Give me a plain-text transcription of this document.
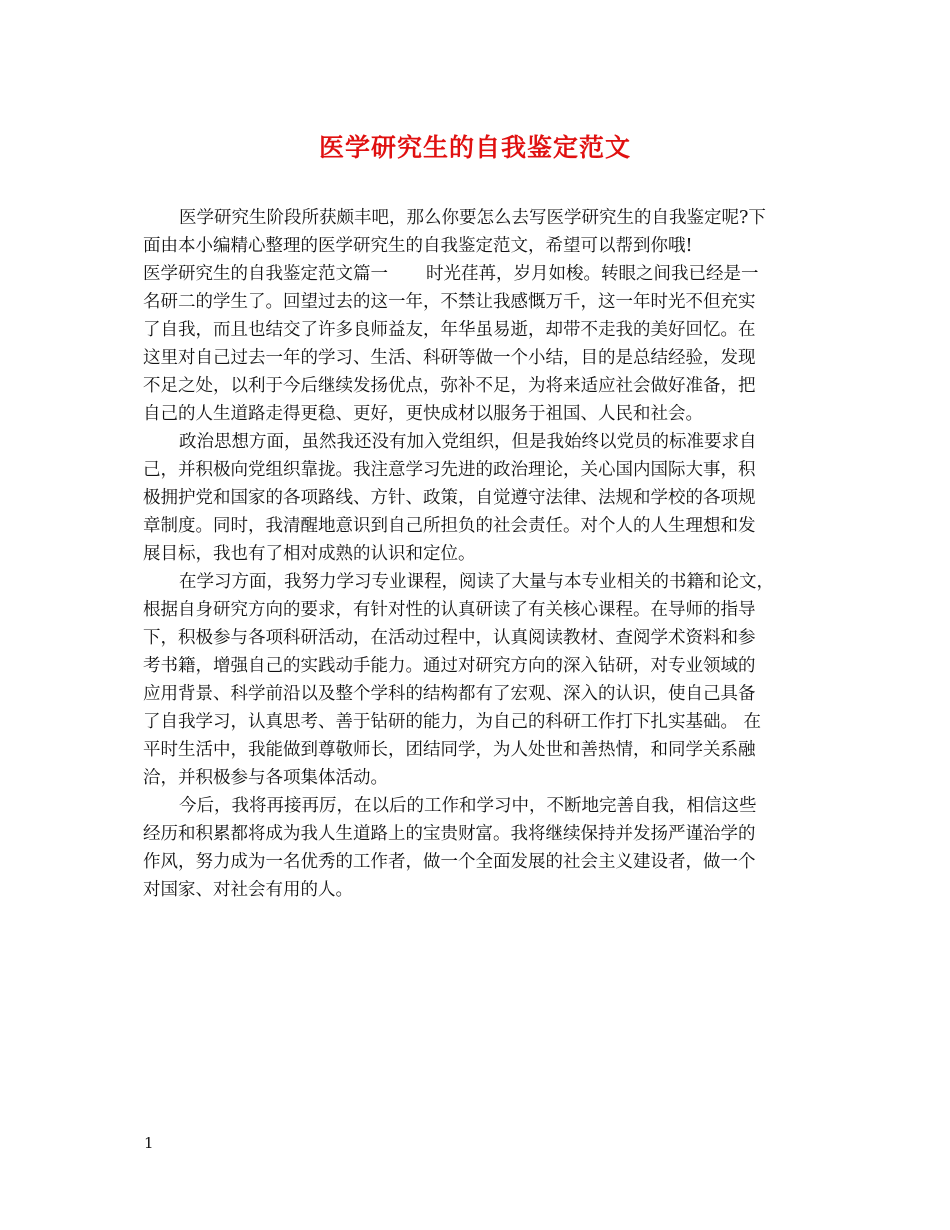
医学研究生的自我鉴定范文
医学研究生阶段所获颇丰吧，那么你要怎么去写医学研究生的自我鉴定呢?下
面由本小编精心整理的医学研究生的自我鉴定范文，希望可以帮到你哦!
医学研究生的自我鉴定范文篇一 时光荏苒，岁月如梭。转眼之间我已经是一
名研二的学生了。回望过去的这一年，不禁让我感慨万千，这一年时光不但充实
了自我，而且也结交了许多良师益友，年华虽易逝，却带不走我的美好回忆。在
这里对自己过去一年的学习、生活、科研等做一个小结，目的是总结经验，发现
不足之处，以利于今后继续发扬优点，弥补不足，为将来适应社会做好准备，把
自己的人生道路走得更稳、更好，更快成材以服务于祖国、人民和社会。
政治思想方面，虽然我还没有加入党组织，但是我始终以党员的标准要求自
己，并积极向党组织靠拢。我注意学习先进的政治理论，关心国内国际大事，积
极拥护党和国家的各项路线、方针、政策，自觉遵守法律、法规和学校的各项规
章制度。同时，我清醒地意识到自己所担负的社会责任。对个人的人生理想和发
展目标，我也有了相对成熟的认识和定位。
在学习方面，我努力学习专业课程，阅读了大量与本专业相关的书籍和论文，
根据自身研究方向的要求，有针对性的认真研读了有关核心课程。在导师的指导
下，积极参与各项科研活动，在活动过程中，认真阅读教材、查阅学术资料和参
考书籍，增强自己的实践动手能力。通过对研究方向的深入钻研，对专业领域的
应用背景、科学前沿以及整个学科的结构都有了宏观、深入的认识，使自己具备
了自我学习，认真思考、善于钻研的能力，为自己的科研工作打下扎实基础。 在
平时生活中，我能做到尊敬师长，团结同学，为人处世和善热情，和同学关系融
洽，并积极参与各项集体活动。
今后，我将再接再厉，在以后的工作和学习中，不断地完善自我，相信这些
经历和积累都将成为我人生道路上的宝贵财富。我将继续保持并发扬严谨治学的
作风，努力成为一名优秀的工作者，做一个全面发展的社会主义建设者，做一个
对国家、对社会有用的人。
1
